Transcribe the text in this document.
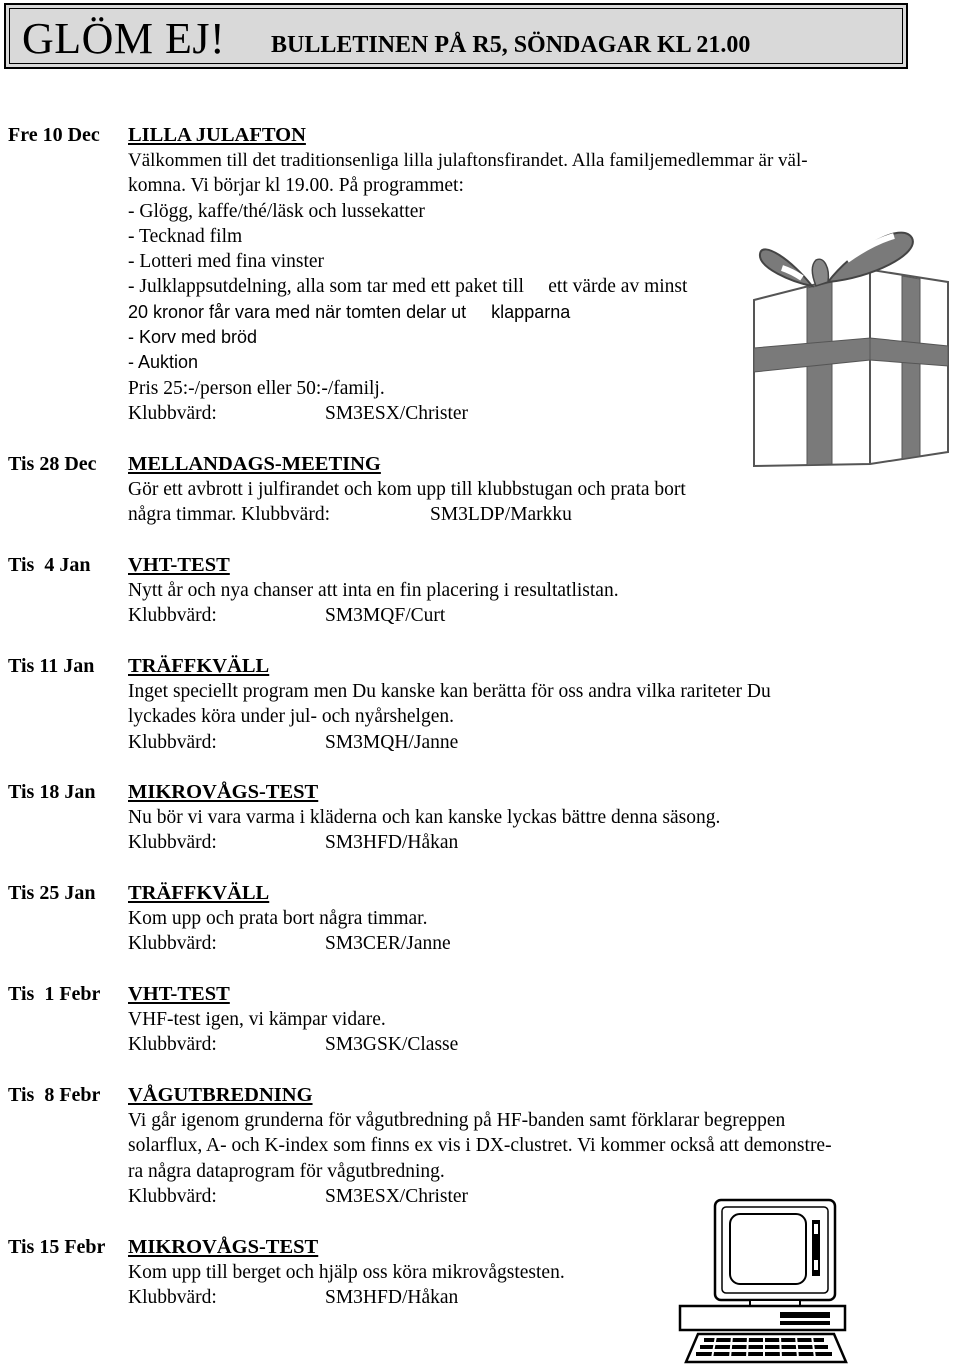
GLÖM EJ! BULLETINEN PÅ R5, SÖNDAGAR KL 21.00
Fre 10 Dec LILLA JULAFTON
Välkommen till det traditionsenliga lilla julaftonsfirandet. Alla familjemedlemmar är väl-
komna. Vi börjar kl 19.00. På programmet:
- Glögg, kaffe/thé/läsk och lussekatter
- Tecknad film
- Lotteri med fina vinster
- Julklappsutdelning, alla som tar med ett paket till     ett värde av minst
20 kronor får vara med när tomten delar ut     klapparna
- Korv med bröd
- Auktion
Pris 25:-/person eller 50:-/familj.
Klubbvärd:	SM3ESX/Christer
Tis 28 Dec MELLANDAGS-MEETING
Gör ett avbrott i julfirandet och kom upp till klubbstugan och prata bort
några timmar. Klubbvärd:	SM3LDP/Markku
Tis  4 Jan VHT-TEST
Nytt år och nya chanser att inta en fin placering i resultatlistan.
Klubbvärd:	SM3MQF/Curt
Tis 11 Jan TRÄFFKVÄLL
Inget speciellt program men Du kanske kan berätta för oss andra vilka rariteter Du
lyckades köra under jul- och nyårshelgen.
Klubbvärd:	SM3MQH/Janne
Tis 18 Jan MIKROVÅGS-TEST
Nu bör vi vara varma i kläderna och kan kanske lyckas bättre denna säsong.
Klubbvärd:	SM3HFD/Håkan
Tis 25 Jan TRÄFFKVÄLL
Kom upp och prata bort några timmar.
Klubbvärd:	SM3CER/Janne
Tis  1 Febr VHT-TEST
VHF-test igen, vi kämpar vidare.
Klubbvärd:	SM3GSK/Classe
Tis  8 Febr VÅGUTBREDNING
Vi går igenom grunderna för vågutbredning på HF-banden samt förklarar begreppen
solarflux, A- och K-index som finns ex vis i DX-clustret. Vi kommer också att demonstre-
ra några dataprogram för vågutbredning.
Klubbvärd:	SM3ESX/Christer
Tis 15 Febr MIKROVÅGS-TEST
Kom upp till berget och hjälp oss köra mikrovågstesten.
Klubbvärd:	SM3HFD/Håkan
